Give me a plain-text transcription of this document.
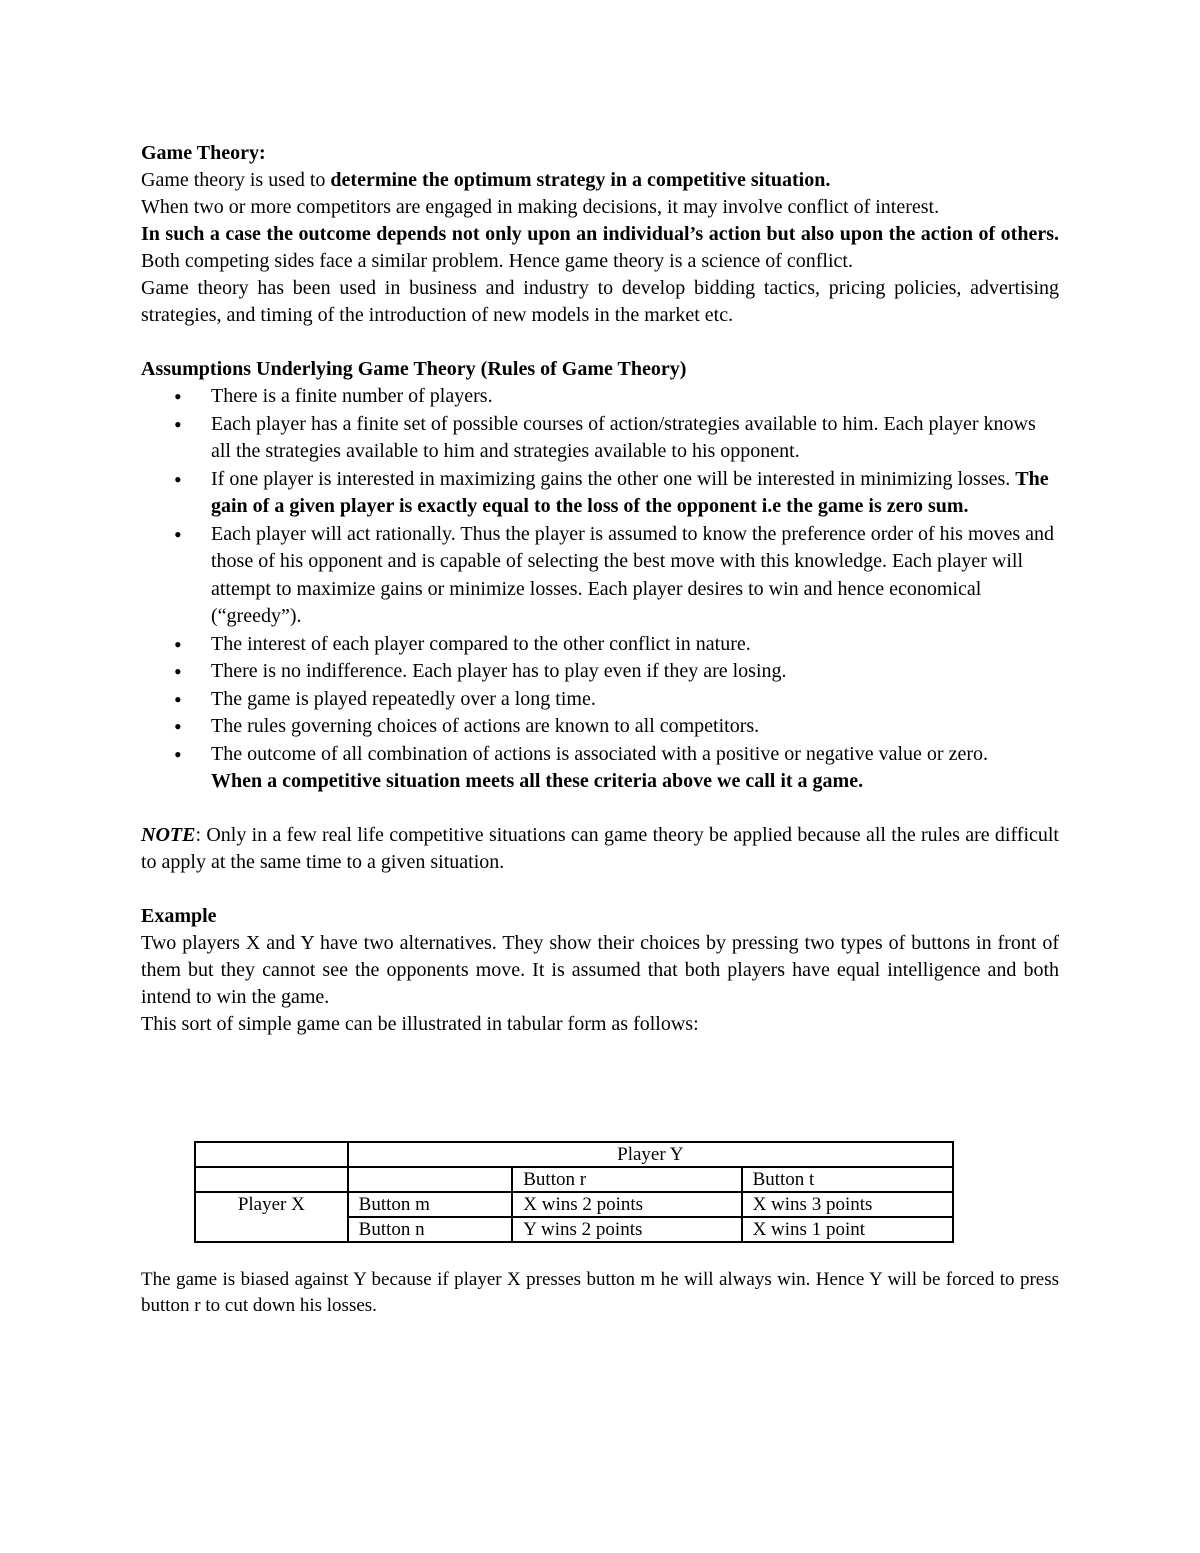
Game Theory:

Game theory is used to determine the optimum strategy in a competitive situation.

When two or more competitors are engaged in making decisions, it may involve conflict of interest.

In such a case the outcome depends not only upon an individual’s action but also upon the action of others. Both competing sides face a similar problem. Hence game theory is a science of conflict.

Game theory has been used in business and industry to develop bidding tactics, pricing policies, advertising strategies, and timing of the introduction of new models in the market etc.

Assumptions Underlying Game Theory (Rules of Game Theory)

• There is a finite number of players.
• Each player has a finite set of possible courses of action/strategies available to him. Each player knows all the strategies available to him and strategies available to his opponent.
• If one player is interested in maximizing gains the other one will be interested in minimizing losses. The gain of a given player is exactly equal to the loss of the opponent i.e the game is zero sum.
• Each player will act rationally. Thus the player is assumed to know the preference order of his moves and those of his opponent and is capable of selecting the best move with this knowledge. Each player will attempt to maximize gains or minimize losses. Each player desires to win and hence economical (“greedy”).
• The interest of each player compared to the other conflict in nature.
• There is no indifference. Each player has to play even if they are losing.
• The game is played repeatedly over a long time.
• The rules governing choices of actions are known to all competitors.
• The outcome of all combination of actions is associated with a positive or negative value or zero.

When a competitive situation meets all these criteria above we call it a game.

NOTE: Only in a few real life competitive situations can game theory be applied because all the rules are difficult to apply at the same time to a given situation.

Example

Two players X and Y have two alternatives. They show their choices by pressing two types of buttons in front of them but they cannot see the opponents move. It is assumed that both players have equal intelligence and both intend to win the game.

This sort of simple game can be illustrated in tabular form as follows:

	Player Y		
		Button r	Button t
Player X	Button m	X wins 2 points	X wins 3 points
	Button n	Y wins 2 points	X wins 1 point

The game is biased against Y because if player X presses button m he will always win. Hence Y will be forced to press button r to cut down his losses.
